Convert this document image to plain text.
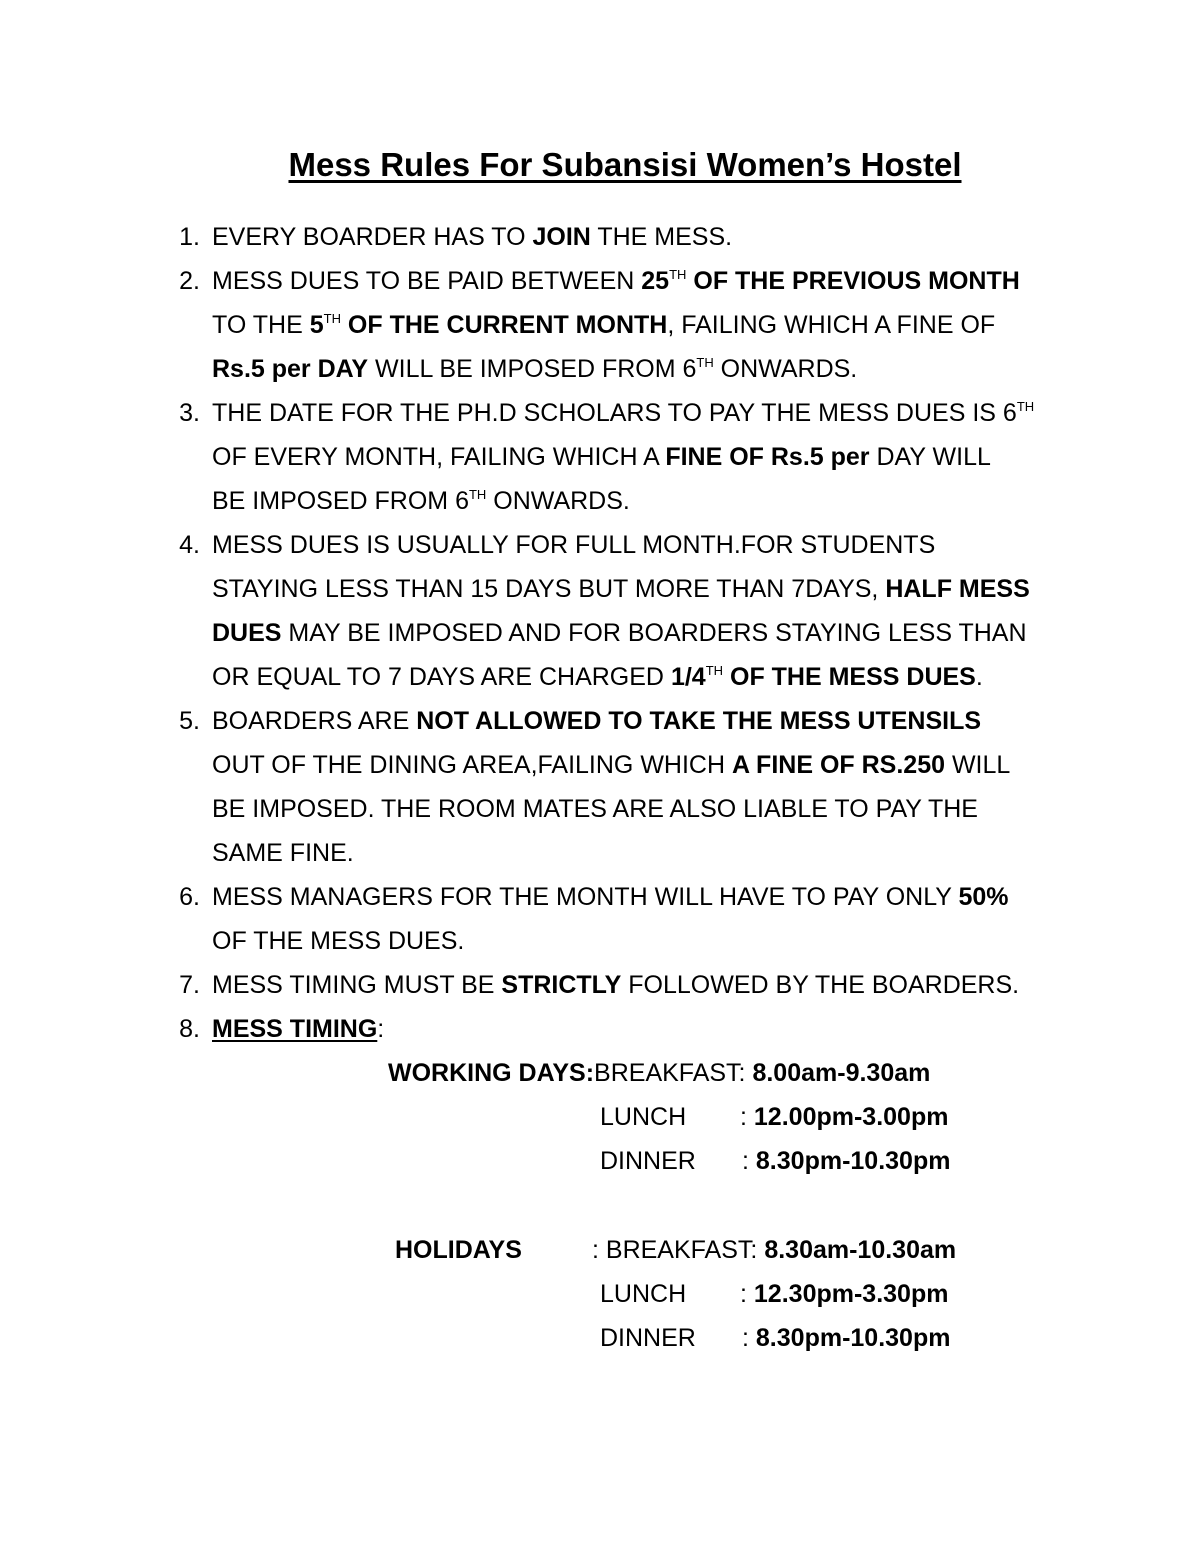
Mess Rules For Subansisi Women’s Hostel
1. EVERY BOARDER HAS TO JOIN THE MESS.
2. MESS DUES TO BE PAID BETWEEN 25TH OF THE PREVIOUS MONTH
TO THE 5TH OF THE CURRENT MONTH, FAILING WHICH A FINE OF
Rs.5 per DAY WILL BE IMPOSED FROM 6TH ONWARDS.
3. THE DATE FOR THE PH.D SCHOLARS TO PAY THE MESS DUES IS 6TH
OF EVERY MONTH, FAILING WHICH A FINE OF Rs.5 per DAY WILL
BE IMPOSED FROM 6TH ONWARDS.
4. MESS DUES IS USUALLY FOR FULL MONTH.FOR STUDENTS
STAYING LESS THAN 15 DAYS BUT MORE THAN 7DAYS, HALF MESS
DUES MAY BE IMPOSED AND FOR BOARDERS STAYING LESS THAN
OR EQUAL TO 7 DAYS ARE CHARGED 1/4TH OF THE MESS DUES.
5. BOARDERS ARE NOT ALLOWED TO TAKE THE MESS UTENSILS
OUT OF THE DINING AREA,FAILING WHICH A FINE OF RS.250 WILL
BE IMPOSED. THE ROOM MATES ARE ALSO LIABLE TO PAY THE
SAME FINE.
6. MESS MANAGERS FOR THE MONTH WILL HAVE TO PAY ONLY 50%
OF THE MESS DUES.
7. MESS TIMING MUST BE STRICTLY FOLLOWED BY THE BOARDERS.
8. MESS TIMING:
WORKING DAYS:BREAKFAST: 8.00am-9.30am
LUNCH : 12.00pm-3.00pm
DINNER : 8.30pm-10.30pm
HOLIDAYS	: BREAKFAST: 8.30am-10.30am
LUNCH : 12.30pm-3.30pm
DINNER : 8.30pm-10.30pm
